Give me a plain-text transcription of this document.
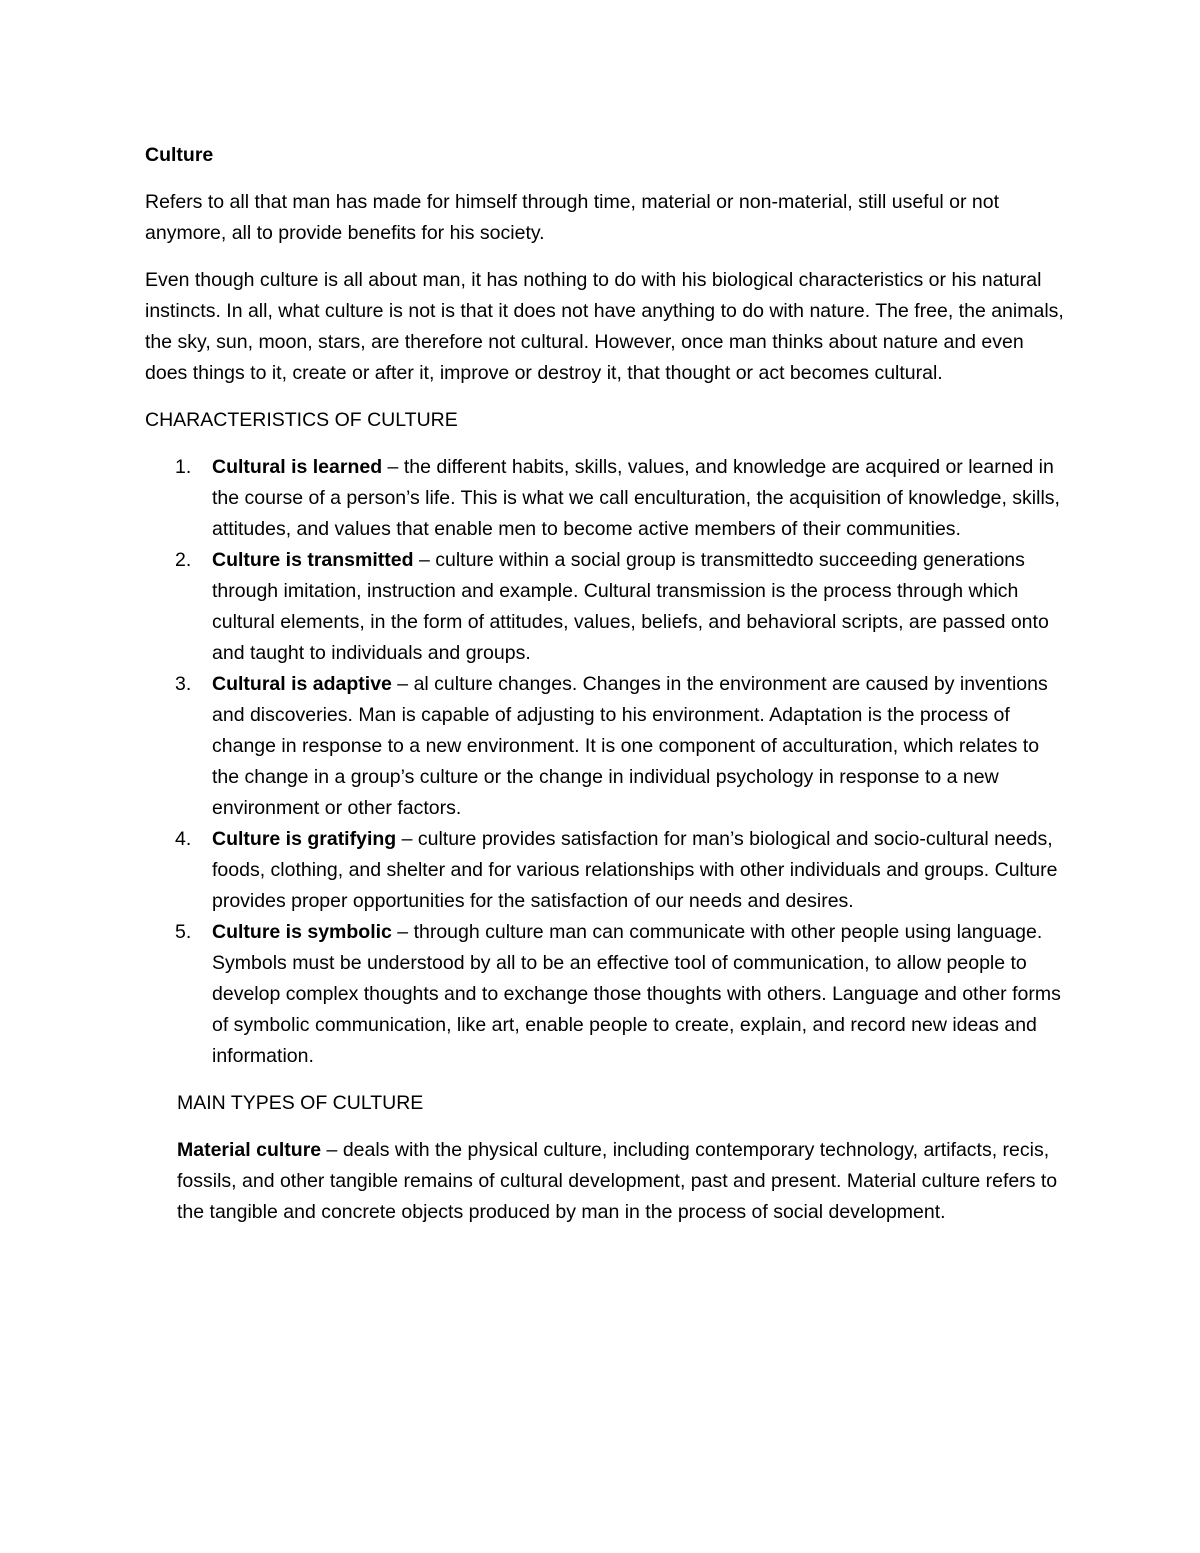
Culture

Refers to all that man has made for himself through time, material or non-material, still useful or not anymore, all to provide benefits for his society.

Even though culture is all about man, it has nothing to do with his biological characteristics or his natural instincts. In all, what culture is not is that it does not have anything to do with nature. The free, the animals, the sky, sun, moon, stars, are therefore not cultural. However, once man thinks about nature and even does things to it, create or after it, improve or destroy it, that thought or act becomes cultural.

CHARACTERISTICS OF CULTURE
1. Cultural is learned – the different habits, skills, values, and knowledge are acquired or learned in the course of a person’s life. This is what we call enculturation, the acquisition of knowledge, skills, attitudes, and values that enable men to become active members of their communities.
2. Culture is transmitted – culture within a social group is transmittedto succeeding generations through imitation, instruction and example. Cultural transmission is the process through which cultural elements, in the form of attitudes, values, beliefs, and behavioral scripts, are passed onto and taught to individuals and groups.
3. Cultural is adaptive – al culture changes. Changes in the environment are caused by inventions and discoveries. Man is capable of adjusting to his environment. Adaptation is the process of change in response to a new environment. It is one component of acculturation, which relates to the change in a group’s culture or the change in individual psychology in response to a new environment or other factors.
4. Culture is gratifying – culture provides satisfaction for man’s biological and socio-cultural needs, foods, clothing, and shelter and for various relationships with other individuals and groups. Culture provides proper opportunities for the satisfaction of our needs and desires.
5. Culture is symbolic – through culture man can communicate with other people using language. Symbols must be understood by all to be an effective tool of communication, to allow people to develop complex thoughts and to exchange those thoughts with others. Language and other forms of symbolic communication, like art, enable people to create, explain, and record new ideas and information.
MAIN TYPES OF CULTURE

Material culture – deals with the physical culture, including contemporary technology, artifacts, recis, fossils, and other tangible remains of cultural development, past and present. Material culture refers to the tangible and concrete objects produced by man in the process of social development.
